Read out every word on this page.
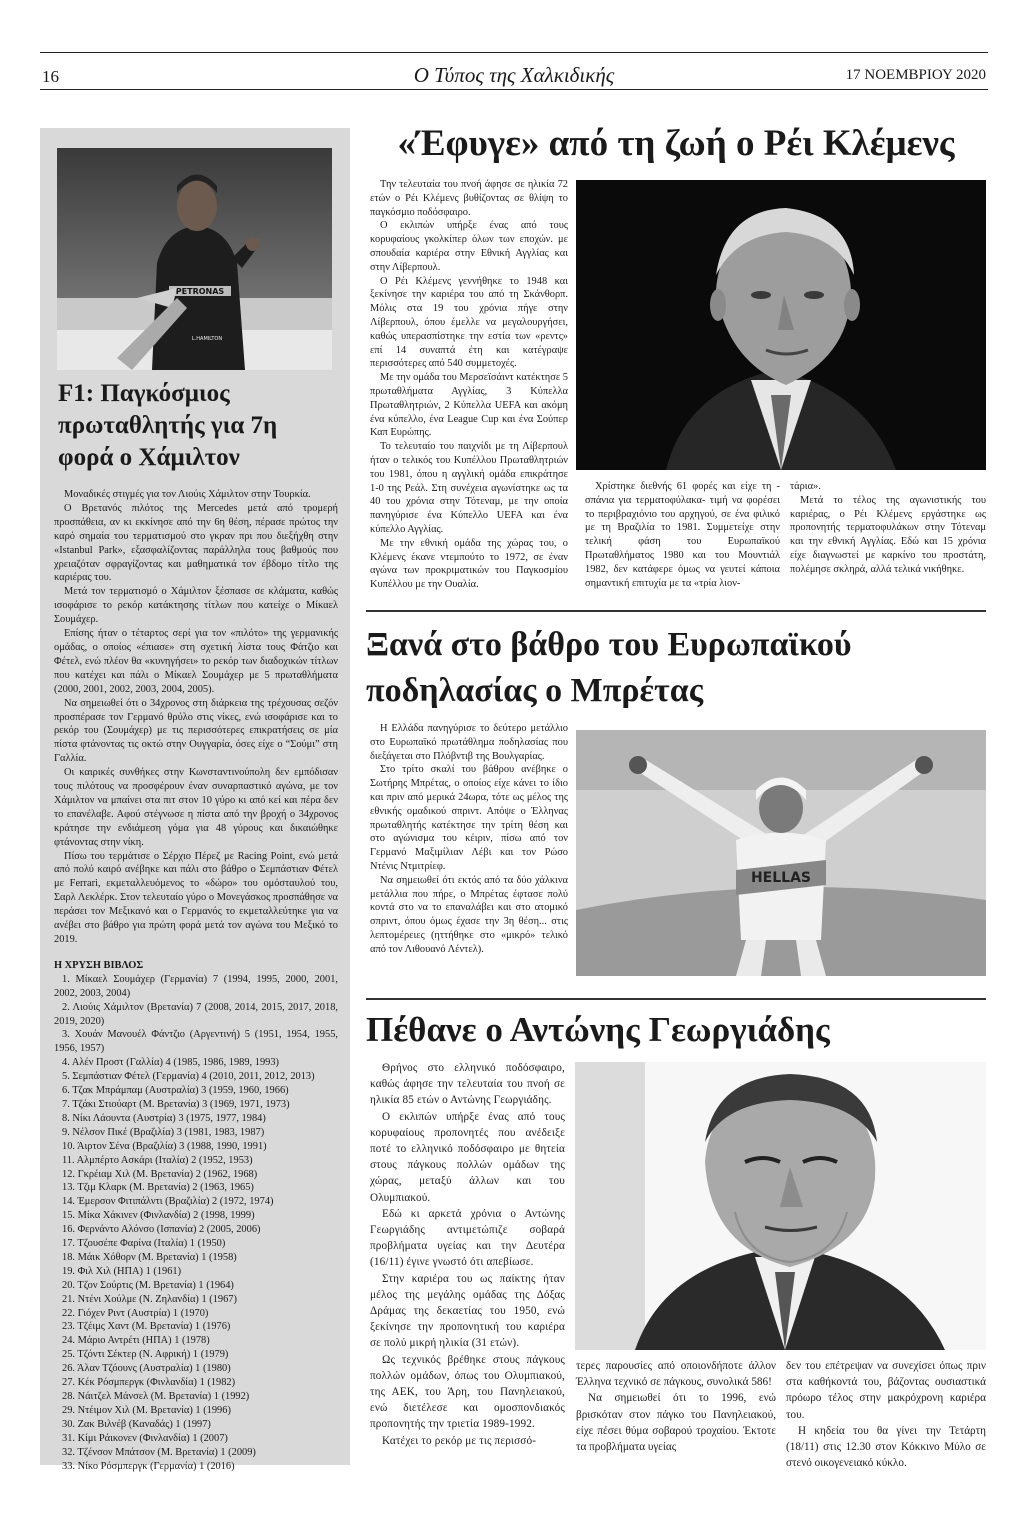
16	Ο Τύπος της Χαλκιδικής	17 ΝΟΕΜΒΡΙΟΥ 2020
PETRONAS
L.HAMILTON
F1: Παγκόσμιος πρωταθλητής για 7η φορά ο Χάμιλτον

Μοναδικές στιγμές για τον Λιούις Χάμιλτον στην Τουρκία.

Ο Βρετανός πιλότος της Mercedes μετά από τρομερή προσπάθεια, αν κι εκκίνησε από την 6η θέση, πέρασε πρώτος την καρό σημαία του τερματισμού στο γκραν πρι που διεξήχθη στην «Istanbul Park», εξασφαλίζοντας παράλληλα τους βαθμούς που χρειαζόταν σφραγίζοντας και μαθηματικά τον έβδομο τίτλο της καριέρας του.

Μετά τον τερματισμό ο Χάμιλτον ξέσπασε σε κλάματα, καθώς ισοφάρισε το ρεκόρ κατάκτησης τίτλων που κατείχε ο Μίκαελ Σουμάχερ.

Επίσης ήταν ο τέταρτος σερί για τον «πιλότο» της γερμανικής ομάδας, ο οποίος «έπιασε» στη σχετική λίστα τους Φάτζιο και Φέτελ, ενώ πλέον θα «κυνηγήσει» το ρεκόρ των διαδοχικών τίτλων που κατέχει και πάλι ο Μίκαελ Σουμάχερ με 5 πρωταθλήματα (2000, 2001, 2002, 2003, 2004, 2005).

Να σημειωθεί ότι ο 34χρονος στη διάρκεια της τρέχουσας σεζόν προσπέρασε τον Γερμανό θρύλο στις νίκες, ενώ ισοφάρισε και το ρεκόρ του (Σουμάχερ) με τις περισσότερες επικρατήσεις σε μία πίστα φτάνοντας τις οκτώ στην Ουγγαρία, όσες είχε ο “Σούμι” στη Γαλλία.

Οι καιρικές συνθήκες στην Κωνσταντινούπολη δεν εμπόδισαν τους πιλότους να προσφέρουν έναν συναρπαστικό αγώνα, με τον Χάμιλτον να μπαίνει στα πιτ στον 10 γύρο κι από κεί και πέρα δεν το επανέλαβε. Αφού στέγνωσε η πίστα από την βροχή ο 34χρονος κράτησε την ενδιάμεση γόμα για 48 γύρους και δικαιώθηκε φτάνοντας στην νίκη.

Πίσω του τερμάτισε ο Σέρχιο Πέρεζ με Racing Point, ενώ μετά από πολύ καιρό ανέβηκε και πάλι στο βάθρο ο Σεμπάστιαν Φέτελ με Ferrari, εκμεταλλευόμενος το «δώρο» του ομόσταυλού του, Σαρλ Λεκλέρκ. Στον τελευταίο γύρο ο Μονεγάσκος προσπάθησε να περάσει τον Μεξικανό και ο Γερμανός το εκμεταλλεύτηκε για να ανέβει στο βάθρο για πρώτη φορά μετά τον αγώνα του Μεξικό το 2019.

Η ΧΡΥΣΗ ΒΙΒΛΟΣ

1. Μίκαελ Σουμάχερ (Γερμανία) 7 (1994, 1995, 2000, 2001, 2002, 2003, 2004)

2. Λιούις Χάμιλτον (Βρετανία) 7 (2008, 2014, 2015, 2017, 2018, 2019, 2020)

3. Χουάν Μανουέλ Φάντζιο (Αργεντινή) 5 (1951, 1954, 1955, 1956, 1957)

4. Αλέν Προστ (Γαλλία) 4 (1985, 1986, 1989, 1993)

5. Σεμπάστιαν Φέτελ (Γερμανία) 4 (2010, 2011, 2012, 2013)

6. Τζακ Μπράμπαμ (Αυστραλία) 3 (1959, 1960, 1966)

7. Τζάκι Στιούαρτ (Μ. Βρετανία) 3 (1969, 1971, 1973)

8. Νίκι Λάουντα (Αυστρία) 3 (1975, 1977, 1984)

9. Νέλσον Πικέ (Βραζιλία) 3 (1981, 1983, 1987)

10. Άιρτον Σένα (Βραζιλία) 3 (1988, 1990, 1991)

11. Αλμπέρτο Ασκάρι (Ιταλία) 2 (1952, 1953)

12. Γκρέιαμ Χιλ (Μ. Βρετανία) 2 (1962, 1968)

13. Τζιμ Κλαρκ (Μ. Βρετανία) 2 (1963, 1965)

14. Έμερσον Φιτιπάλντι (Βραζιλία) 2 (1972, 1974)

15. Μίκα Χάκινεν (Φινλανδία) 2 (1998, 1999)

16. Φερνάντο Αλόνσο (Ισπανία) 2 (2005, 2006)

17. Τζουσέπε Φαρίνα (Ιταλία) 1 (1950)

18. Μάικ Χόθορν (Μ. Βρετανία) 1 (1958)

19. Φιλ Χιλ (ΗΠΑ) 1 (1961)

20. Τζον Σούρτις (Μ. Βρετανία) 1 (1964)

21. Ντένι Χούλμε (Ν. Ζηλανδία) 1 (1967)

22. Γιόχεν Ριντ (Αυστρία) 1 (1970)

23. Τζέιμς Χαντ (Μ. Βρετανία) 1 (1976)

24. Μάριο Αντρέτι (ΗΠΑ) 1 (1978)

25. Τζόντι Σέκτερ (Ν. Αφρική) 1 (1979)

26. Άλαν Τζόουνς (Αυστραλία) 1 (1980)

27. Κέκ Ρόσμπεργκ (Φινλανδία) 1 (1982)

28. Νάιτζελ Μάνσελ (Μ. Βρετανία) 1 (1992)

29. Ντέιμον Χιλ (Μ. Βρετανία) 1 (1996)

30. Ζακ Βιλνέβ (Καναδάς) 1 (1997)

31. Κίμι Ράικονεν (Φινλανδία) 1 (2007)

32. Τζένσον Μπάτσον (Μ. Βρετανία) 1 (2009)

33. Νίκο Ρόσμπεργκ (Γερμανία) 1 (2016)

«Έφυγε» από τη ζωή ο Ρέι Κλέμενς

Την τελευταία του πνοή άφησε σε ηλικία 72 ετών ο Ρέι Κλέμενς βυθίζοντας σε θλίψη το παγκόσμιο ποδόσφαιρο.

Ο εκλιπών υπήρξε ένας από τους κορυφαίους γκολκίπερ όλων των εποχών. με σπουδαία καριέρα στην Εθνική Αγγλίας και στην Λίβερπουλ.

Ο Ρέι Κλέμενς γεννήθηκε το 1948 και ξεκίνησε την καριέρα του από τη Σκάνθορπ. Μόλις στα 19 του χρόνια πήγε στην Λίβερπουλ, όπου έμελλε να μεγαλουργήσει, καθώς υπερασπίστηκε την εστία των «ρεντς» επί 14 συναπτά έτη και κατέγραψε περισσότερες από 540 συμμετοχές.

Με την ομάδα του Μερσεϊσάιντ κατέκτησε 5 πρωταθλήματα Αγγλίας, 3 Κύπελλα Πρωταθλητριών, 2 Κύπελλα UEFA και ακόμη ένα κύπελλο, ένα League Cup και ένα Σούπερ Καπ Ευρώπης.

Το τελευταίο του παιχνίδι με τη Λίβερπουλ ήταν ο τελικός του Κυπέλλου Πρωταθλητριών του 1981, όπου η αγγλική ομάδα επικράτησε 1-0 της Ρεάλ. Στη συνέχεια αγωνίστηκε ως τα 40 του χρόνια στην Τότεναμ, με την οποία πανηγύρισε ένα Κύπελλο UEFA και ένα κύπελλο Αγγλίας.

Με την εθνική ομάδα της χώρας του, ο Κλέμενς έκανε ντεμπούτο το 1972, σε έναν αγώνα των προκριματικών του Παγκοσμίου Κυπέλλου με την Ουαλία.

Χρίστηκε διεθνής 61 φορές και είχε τη - σπάνια για τερματοφύλακα- τιμή να φορέσει το περιβραχιόνιο του αρχηγού, σε ένα φιλικό με τη Βραζιλία το 1981. Συμμετείχε στην τελική φάση του Ευρωπαϊκού Πρωταθλήματος 1980 και του Μουντιάλ 1982, δεν κατάφερε όμως να γευτεί κάποια σημαντική επιτυχία με τα «τρία λιον-

τάρια».

Μετά το τέλος της αγωνιστικής του καριέρας, ο Ρέι Κλέμενς εργάστηκε ως προπονητής τερματοφυλάκων στην Τότεναμ και την εθνική Αγγλίας. Εδώ και 15 χρόνια είχε διαγνωστεί με καρκίνο του προστάτη, πολέμησε σκληρά, αλλά τελικά νικήθηκε.

Ξανά στο βάθρο του Ευρωπαϊκού ποδηλασίας ο Μπρέτας

Η Ελλάδα πανηγύρισε το δεύτερο μετάλλιο στο Ευρωπαϊκό πρωτάθλημα ποδηλασίας που διεξάγεται στο Πλόβντιβ της Βουλγαρίας.

Στο τρίτο σκαλί του βάθρου ανέβηκε ο Σωτήρης Μπρέτας, ο οποίος είχε κάνει το ίδιο και πριν από μερικά 24ωρα, τότε ως μέλος της εθνικής ομαδικού σπριντ. Απόψε ο Έλληνας πρωταθλητής κατέκτησε την τρίτη θέση και στο αγώνισμα του κέιριν, πίσω από τον Γερμανό Μαξιμίλιαν Λέβι και τον Ρώσο Ντένις Ντμιτρίεφ.

Να σημειωθεί ότι εκτός από τα δύο χάλκινα μετάλλια που πήρε, ο Μπρέτας έφτασε πολύ κοντά στο να το επαναλάβει και στο ατομικό σπριντ, όπου όμως έχασε την 3η θέση... στις λεπτομέρειες (ηττήθηκε στο «μικρό» τελικό από τον Λιθουανό Λέντελ).

HELLAS
Πέθανε ο Αντώνης Γεωργιάδης

Θρήνος στο ελληνικό ποδόσφαιρο, καθώς άφησε την τελευταία του πνοή σε ηλικία 85 ετών ο Αντώνης Γεωργιάδης.

Ο εκλιπών υπήρξε ένας από τους κορυφαίους προπονητές που ανέδειξε ποτέ το ελληνικό ποδόσφαιρο με θητεία στους πάγκους πολλών ομάδων της χώρας, μεταξύ άλλων και του Ολυμπιακού.

Εδώ κι αρκετά χρόνια ο Αντώνης Γεωργιάδης αντιμετώπιζε σοβαρά προβλήματα υγείας και την Δευτέρα (16/11) έγινε γνωστό ότι απεβίωσε.

Στην καριέρα του ως παίκτης ήταν μέλος της μεγάλης ομάδας της Δόξας Δράμας της δεκαετίας του 1950, ενώ ξεκίνησε την προπονητική του καριέρα σε πολύ μικρή ηλικία (31 ετών).

Ως τεχνικός βρέθηκε στους πάγκους πολλών ομάδων, όπως του Ολυμπιακού, της ΑΕΚ, του Άρη, του Πανηλειακού, ενώ διετέλεσε και ομοσπονδιακός προπονητής την τριετία 1989-1992.

Κατέχει το ρεκόρ με τις περισσό-

τερες παρουσίες από οποιονδήποτε άλλον Έλληνα τεχνικό σε πάγκους, συνολικά 586!

Να σημειωθεί ότι το 1996, ενώ βρισκόταν στον πάγκο του Πανηλειακού, είχε πέσει θύμα σοβαρού τροχαίου. Έκτοτε τα προβλήματα υγείας

δεν του επέτρεψαν να συνεχίσει όπως πριν στα καθήκοντά του, βάζοντας ουσιαστικά πρόωρο τέλος στην μακρόχρονη καριέρα του.

Η κηδεία του θα γίνει την Τετάρτη (18/11) στις 12.30 στον Κόκκινο Μύλο σε στενό οικογενειακό κύκλο.
